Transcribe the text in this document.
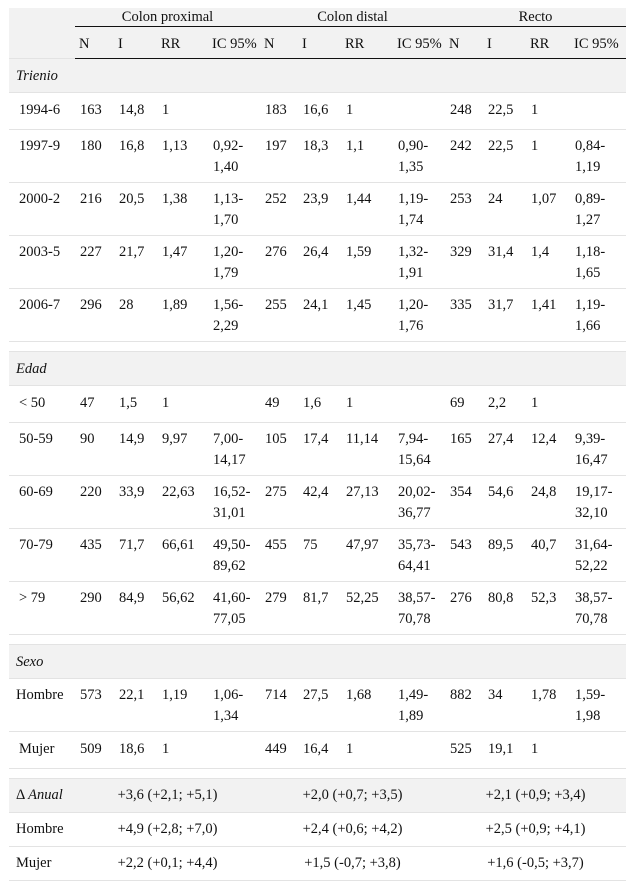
	Colon proximal				Colon distal				Recto			
	N	I	RR	IC 95%	N	I	RR	IC 95%	N	I	RR	IC 95%
Trienio												
1994-6	163	14,8	1		183	16,6	1		248	22,5	1	
1997-9	180	16,8	1,13	0,92-1,40	197	18,3	1,1	0,90-1,35	242	22,5	1	0,84-1,19
2000-2	216	20,5	1,38	1,13-1,70	252	23,9	1,44	1,19-1,74	253	24	1,07	0,89-1,27
2003-5	227	21,7	1,47	1,20-1,79	276	26,4	1,59	1,32-1,91	329	31,4	1,4	1,18-1,65
2006-7	296	28	1,89	1,56-2,29	255	24,1	1,45	1,20-1,76	335	31,7	1,41	1,19-1,66

Edad												
< 50	47	1,5	1		49	1,6	1		69	2,2	1	
50-59	90	14,9	9,97	7,00-14,17	105	17,4	11,14	7,94-15,64	165	27,4	12,4	9,39-16,47
60-69	220	33,9	22,63	16,52-31,01	275	42,4	27,13	20,02-36,77	354	54,6	24,8	19,17-32,10
70-79	435	71,7	66,61	49,50-89,62	455	75	47,97	35,73-64,41	543	89,5	40,7	31,64-52,22
> 79	290	84,9	56,62	41,60-77,05	279	81,7	52,25	38,57-70,78	276	80,8	52,3	38,57-70,78

Sexo												
Hombre	573	22,1	1,19	1,06-1,34	714	27,5	1,68	1,49-1,89	882	34	1,78	1,59-1,98
Mujer	509	18,6	1		449	16,4	1		525	19,1	1	

Δ Anual	+3,6 (+2,1; +5,1)				+2,0 (+0,7; +3,5)				+2,1 (+0,9; +3,4)			
Hombre	+4,9 (+2,8; +7,0)				+2,4 (+0,6; +4,2)				+2,5 (+0,9; +4,1)			
Mujer	+2,2 (+0,1; +4,4)				+1,5 (-0,7; +3,8)				+1,6 (-0,5; +3,7)			
